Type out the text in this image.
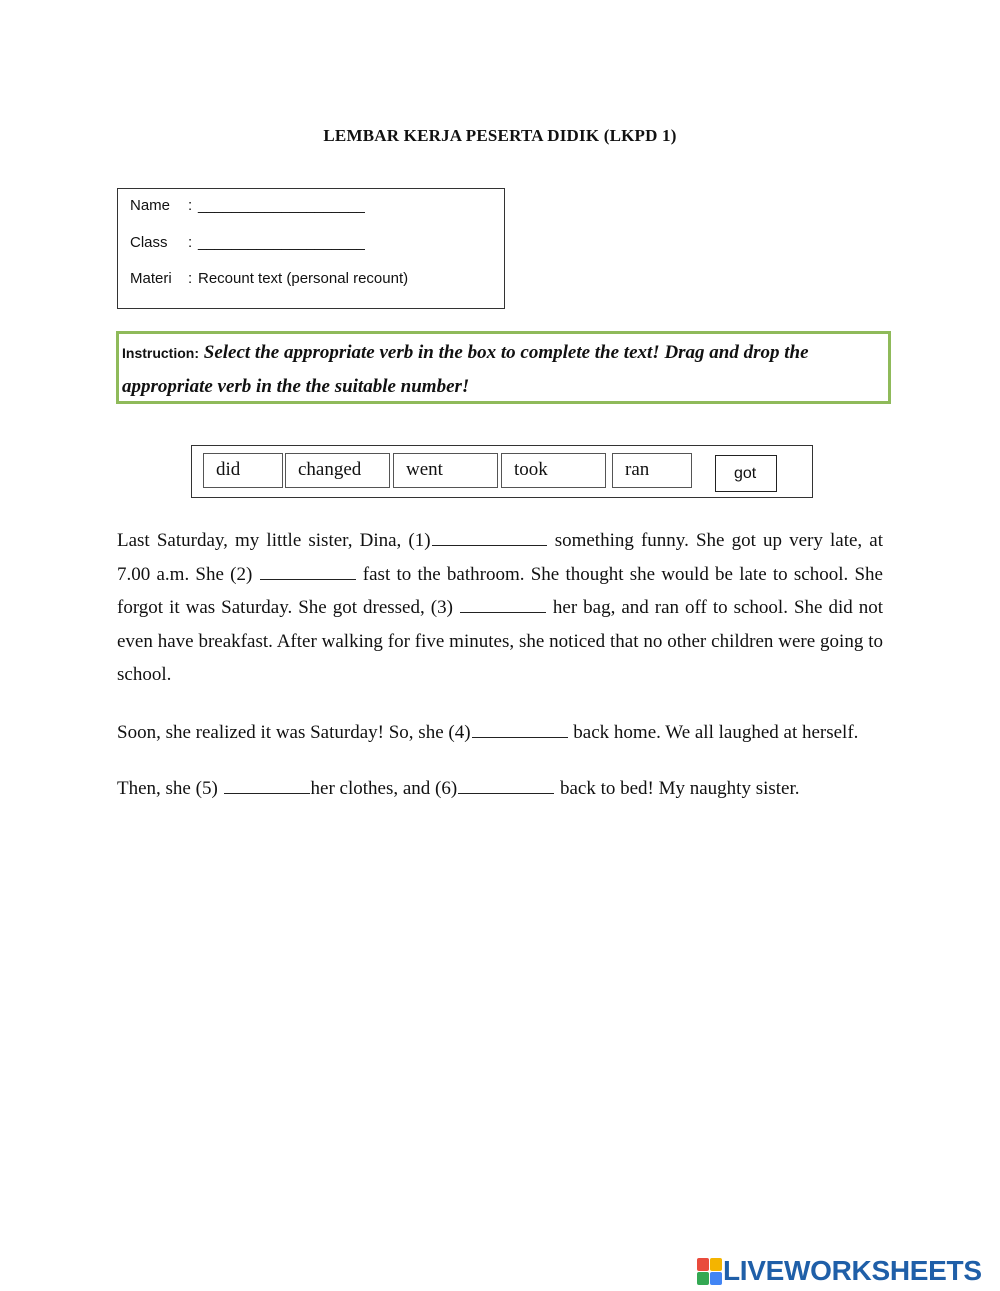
LEMBAR KERJA PESERTA DIDIK (LKPD 1)
Name : ____________________
Class : ____________________
Materi : Recount text (personal recount)
Instruction: Select the appropriate verb in the box to complete the text! Drag and drop the appropriate verb in the the suitable number!
did	changed	went	took	ran	got

Last Saturday, my little sister, Dina, (1)	something funny. She got up very late, at 7.00 a.m. She (2)	fast to the bathroom. She thought she would be late to school. She forgot it was Saturday. She got dressed, (3)	her bag, and ran off to school. She did not even have breakfast. After walking for five minutes, she noticed that no other children were going to school.

Soon, she realized it was Saturday! So, she (4)	back home. We all laughed at herself.

Then, she (5)	her clothes, and (6)	back to bed! My naughty sister.

LIVEWORKSHEETS
